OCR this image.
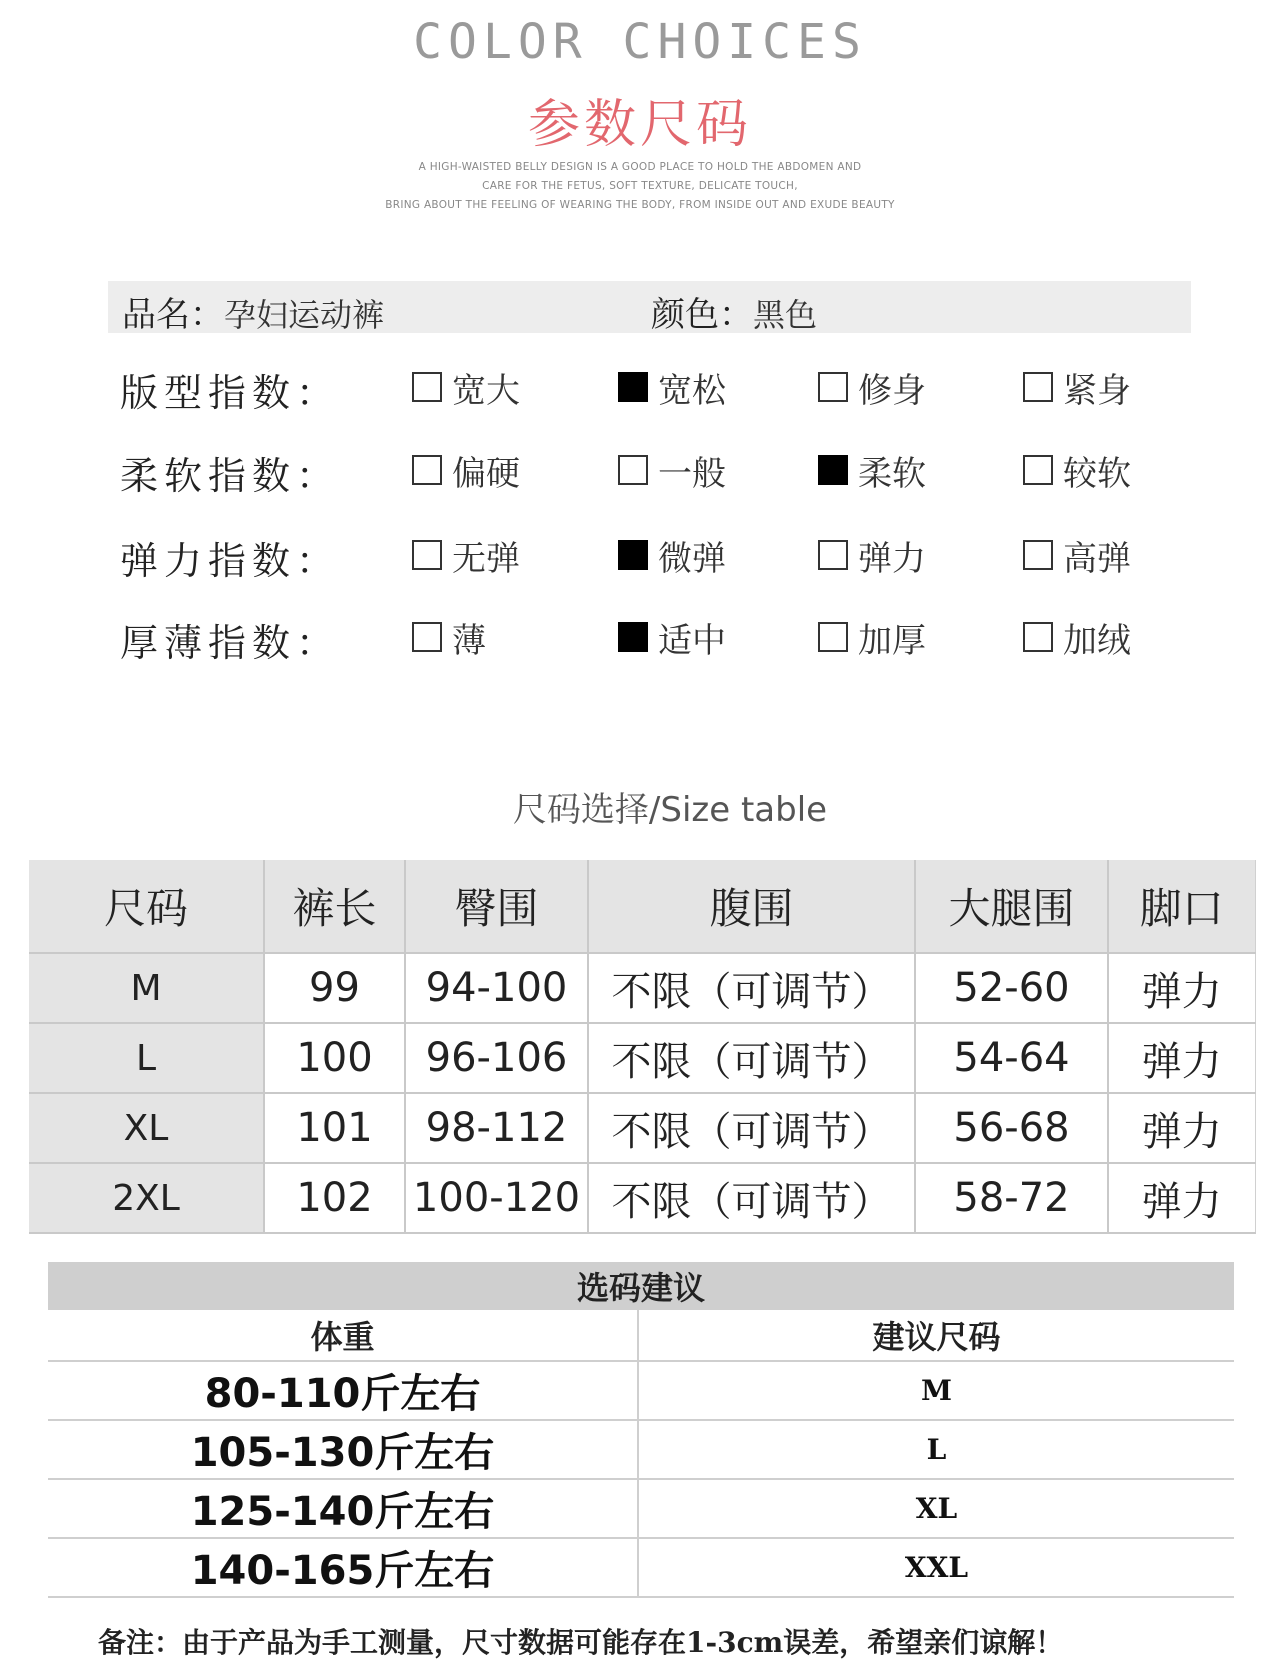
COLOR CHOICES
参数尺码
A HIGH-WAISTED BELLY DESIGN IS A GOOD PLACE TO HOLD THE ABDOMEN AND
CARE FOR THE FETUS, SOFT TEXTURE, DELICATE TOUCH,
BRING ABOUT THE FEELING OF WEARING THE BODY, FROM INSIDE OUT AND EXUDE BEAUTY
品名：孕妇运动裤	颜色：黑色
版型指数：	宽大	宽松	修身	紧身
柔软指数：	偏硬	一般	柔软	较软
弹力指数：	无弹	微弹	弹力	高弹
厚薄指数：	薄	适中	加厚	加绒
尺码选择/Size table
尺码	裤长	臀围	腹围	大腿围	脚口
M	99	94-100	不限（可调节）	52-60	弹力
L	100	96-106	不限（可调节）	54-64	弹力
XL	101	98-112	不限（可调节）	56-68	弹力
2XL	102	100-120	不限（可调节）	58-72	弹力
选码建议	
体重	建议尺码
80-110斤左右	M
105-130斤左右	L
125-140斤左右	XL
140-165斤左右	XXL
备注：由于产品为手工测量，尺寸数据可能存在1-3cm误差，希望亲们谅解！
